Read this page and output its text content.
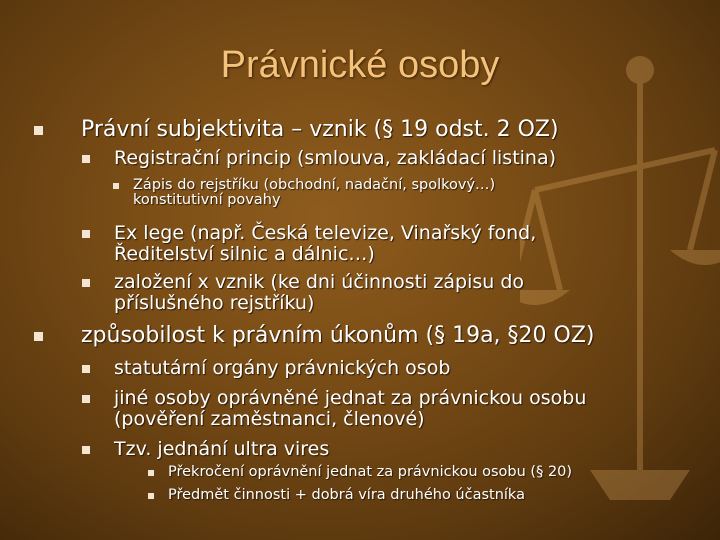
Právnické osoby
Právní subjektivita – vznik (§ 19 odst. 2 OZ)
Registrační princip (smlouva, zakládací listina)
Zápis do rejstříku (obchodní, nadační, spolkový…) konstitutivní povahy
Ex lege (např. Česká televize, Vinařský fond, Ředitelství silnic a dálnic…)
založení x vznik (ke dni účinnosti zápisu do příslušného rejstříku)
způsobilost k právním úkonům (§ 19a, §20 OZ)
statutární orgány právnických osob
jiné osoby oprávněné jednat za právnickou osobu (pověření zaměstnanci, členové)
Tzv. jednání ultra vires
Překročení oprávnění jednat za právnickou osobu (§ 20)
Předmět činnosti + dobrá víra druhého účastníka
